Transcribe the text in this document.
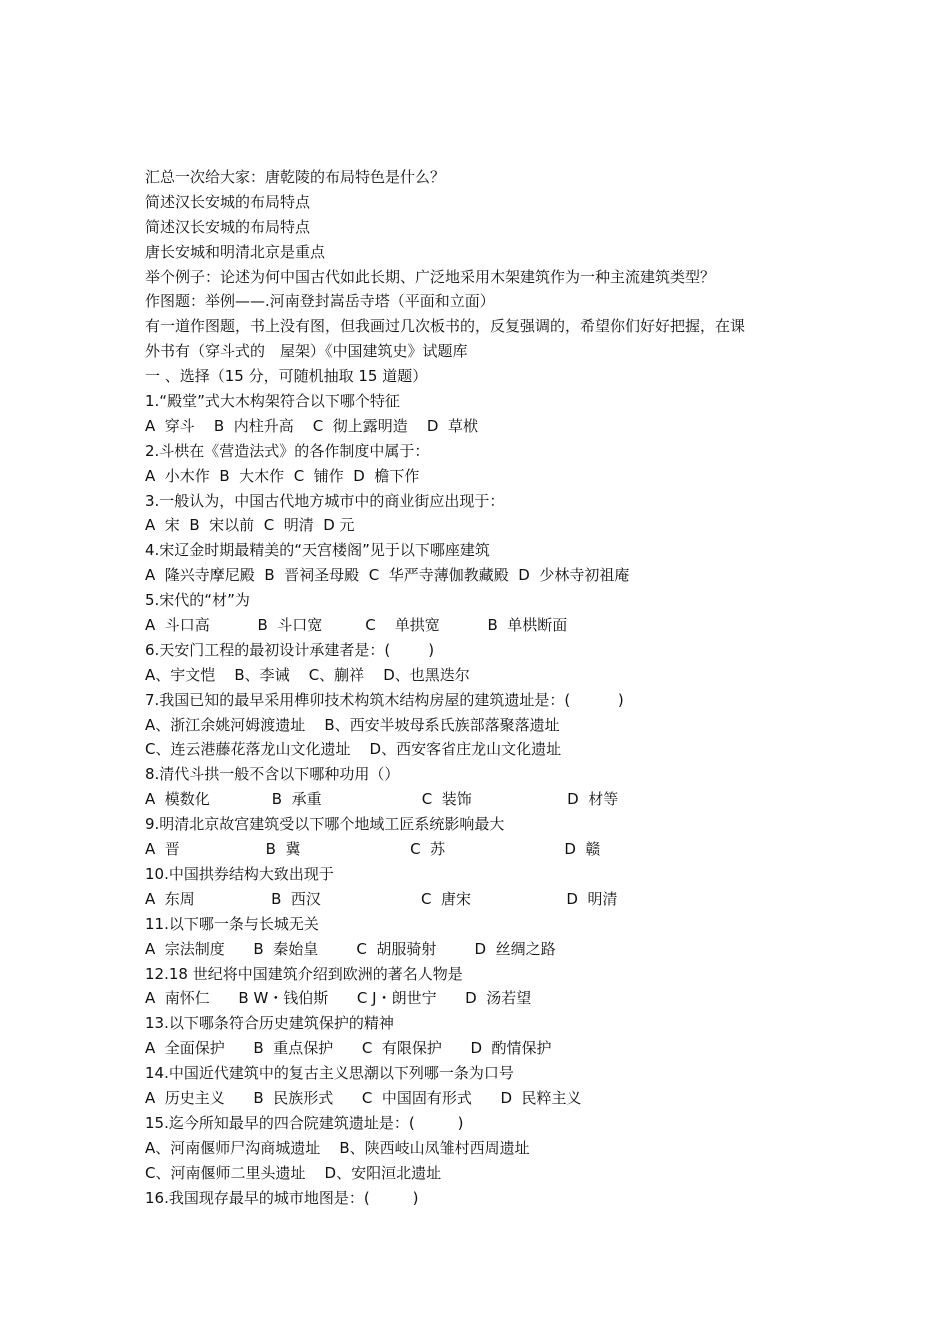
汇总一次给大家：唐乾陵的布局特色是什么？
简述汉长安城的布局特点
简述汉长安城的布局特点
唐长安城和明清北京是重点
举个例子：论述为何中国古代如此长期、广泛地采用木架建筑作为一种主流建筑类型？
作图题：举例——.河南登封嵩岳寺塔（平面和立面）
有一道作图题，书上没有图，但我画过几次板书的，反复强调的，希望你们好好把握，在课
外书有（穿斗式的　屋架）《中国建筑史》试题库
一 、选择（15 分，可随机抽取 15 道题）
1.“殿堂”式大木构架符合以下哪个特征
A  穿斗    B  内柱升高    C  彻上露明造    D  草栿
2.斗栱在《营造法式》的各作制度中属于：
A  小木作  B  大木作  C  铺作  D  檐下作
3.一般认为，中国古代地方城市中的商业街应出现于：
A  宋  B  宋以前  C  明清  D 元
4.宋辽金时期最精美的“天宫楼阁”见于以下哪座建筑
A  隆兴寺摩尼殿  B  晋祠圣母殿  C  华严寺薄伽教藏殿  D  少林寺初祖庵
5.宋代的“材”为
A  斗口高          B  斗口宽         C    单拱宽          B  单栱断面
6.天安门工程的最初设计承建者是：(        )
A、宇文恺    B、李诫    C、蒯祥    D、也黑迭尔
7.我国已知的最早采用榫卯技术构筑木结构房屋的建筑遗址是：(          )
A、浙江余姚河姆渡遗址    B、西安半坡母系氏族部落聚落遗址
C、连云港藤花落龙山文化遗址    D、西安客省庄龙山文化遗址
8.清代斗拱一般不含以下哪种功用（）
A  模数化             B  承重                     C  装饰                    D  材等
9.明清北京故宫建筑受以下哪个地域工匠系统影响最大
A  晋                  B  冀                       C  苏                         D  赣
10.中国拱券结构大致出现于
A  东周                B  西汉                     C  唐宋                    D  明清
11.以下哪一条与长城无关
A  宗法制度      B  秦始皇        C  胡服骑射        D  丝绸之路
12.18 世纪将中国建筑介绍到欧洲的著名人物是
A  南怀仁      B W・钱伯斯      C J・朗世宁      D  汤若望
13.以下哪条符合历史建筑保护的精神
A  全面保护      B  重点保护      C  有限保护      D  酌情保护
14.中国近代建筑中的复古主义思潮以下列哪一条为口号
A  历史主义      B  民族形式      C  中国固有形式      D  民粹主义
15.迄今所知最早的四合院建筑遗址是：(         )
A、河南偃师尸沟商城遗址    B、陕西岐山凤雏村西周遗址
C、河南偃师二里头遗址    D、安阳洹北遗址
16.我国现存最早的城市地图是：(         )
